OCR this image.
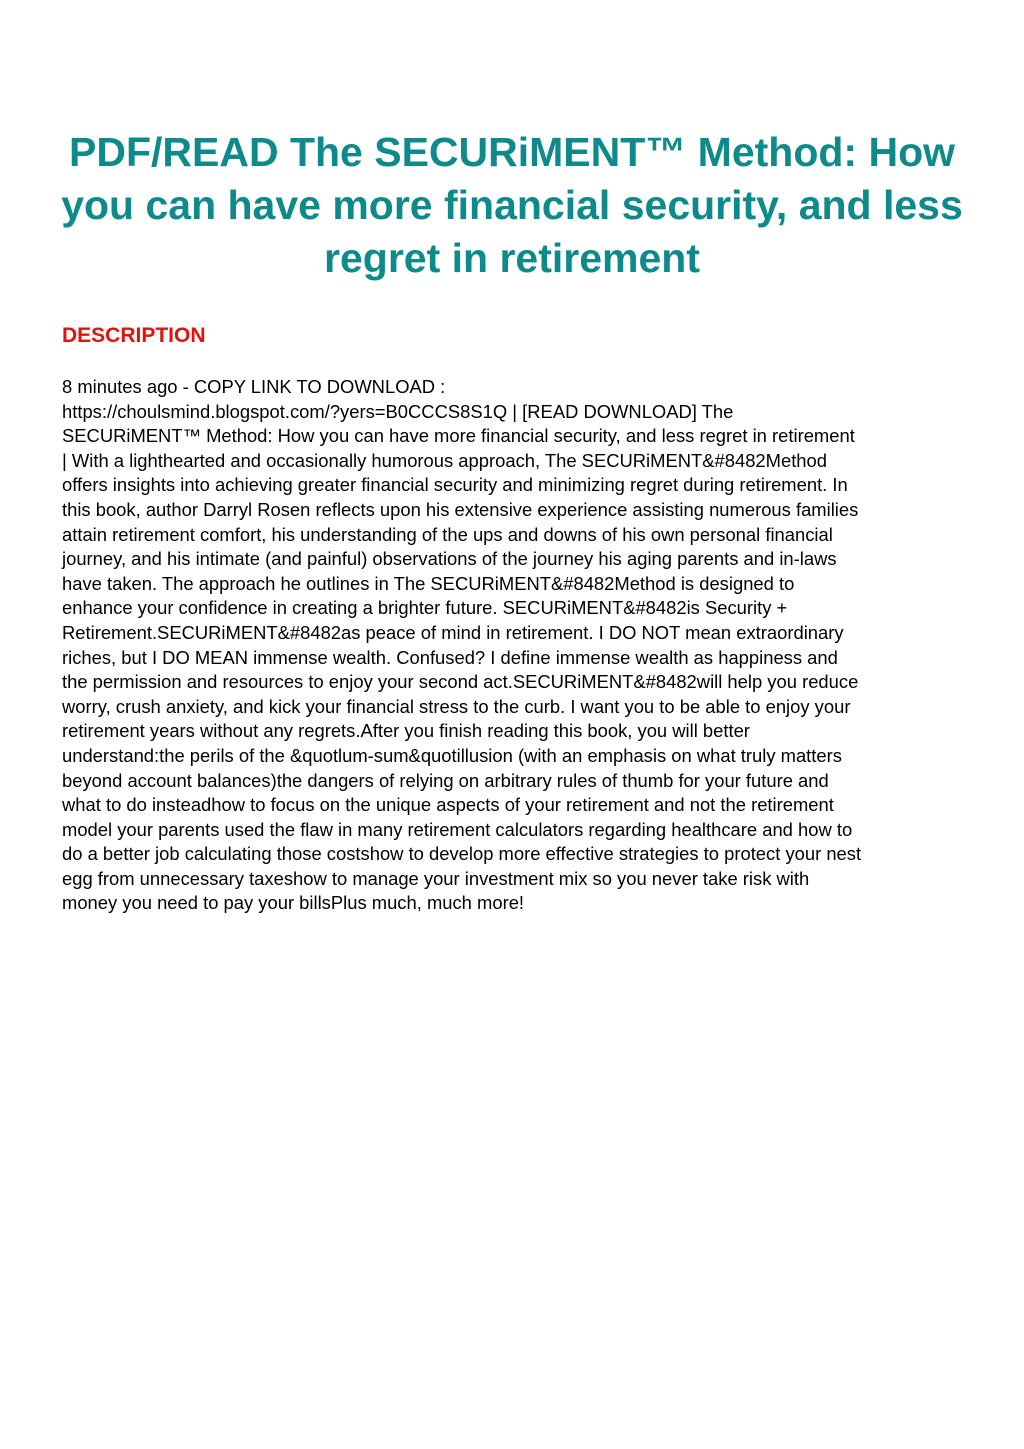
PDF/READ The SECURiMENT™ Method: How you can have more financial security, and less regret in retirement
DESCRIPTION
8 minutes ago - COPY LINK TO DOWNLOAD :
https://choulsmind.blogspot.com/?yers=B0CCCS8S1Q | [READ DOWNLOAD] The
SECURiMENT™ Method: How you can have more financial security, and less regret in retirement
| With a lighthearted and occasionally humorous approach, The SECURiMENT&#8482Method
offers insights into achieving greater financial security and minimizing regret during retirement. In
this book, author Darryl Rosen reflects upon his extensive experience assisting numerous families
attain retirement comfort, his understanding of the ups and downs of his own personal financial
journey, and his intimate (and painful) observations of the journey his aging parents and in-laws
have taken. The approach he outlines in The SECURiMENT&#8482Method is designed to
enhance your confidence in creating a brighter future. SECURiMENT&#8482is Security +
Retirement.SECURiMENT&#8482as peace of mind in retirement. I DO NOT mean extraordinary
riches, but I DO MEAN immense wealth. Confused? I define immense wealth as happiness and
the permission and resources to enjoy your second act.SECURiMENT&#8482will help you reduce
worry, crush anxiety, and kick your financial stress to the curb. I want you to be able to enjoy your
retirement years without any regrets.After you finish reading this book, you will better
understand:the perils of the &quotlum-sum&quotillusion (with an emphasis on what truly matters
beyond account balances)the dangers of relying on arbitrary rules of thumb for your future and
what to do insteadhow to focus on the unique aspects of your retirement and not the retirement
model your parents used the flaw in many retirement calculators regarding healthcare and how to
do a better job calculating those costshow to develop more effective strategies to protect your nest
egg from unnecessary taxeshow to manage your investment mix so you never take risk with
money you need to pay your billsPlus much, much more!
